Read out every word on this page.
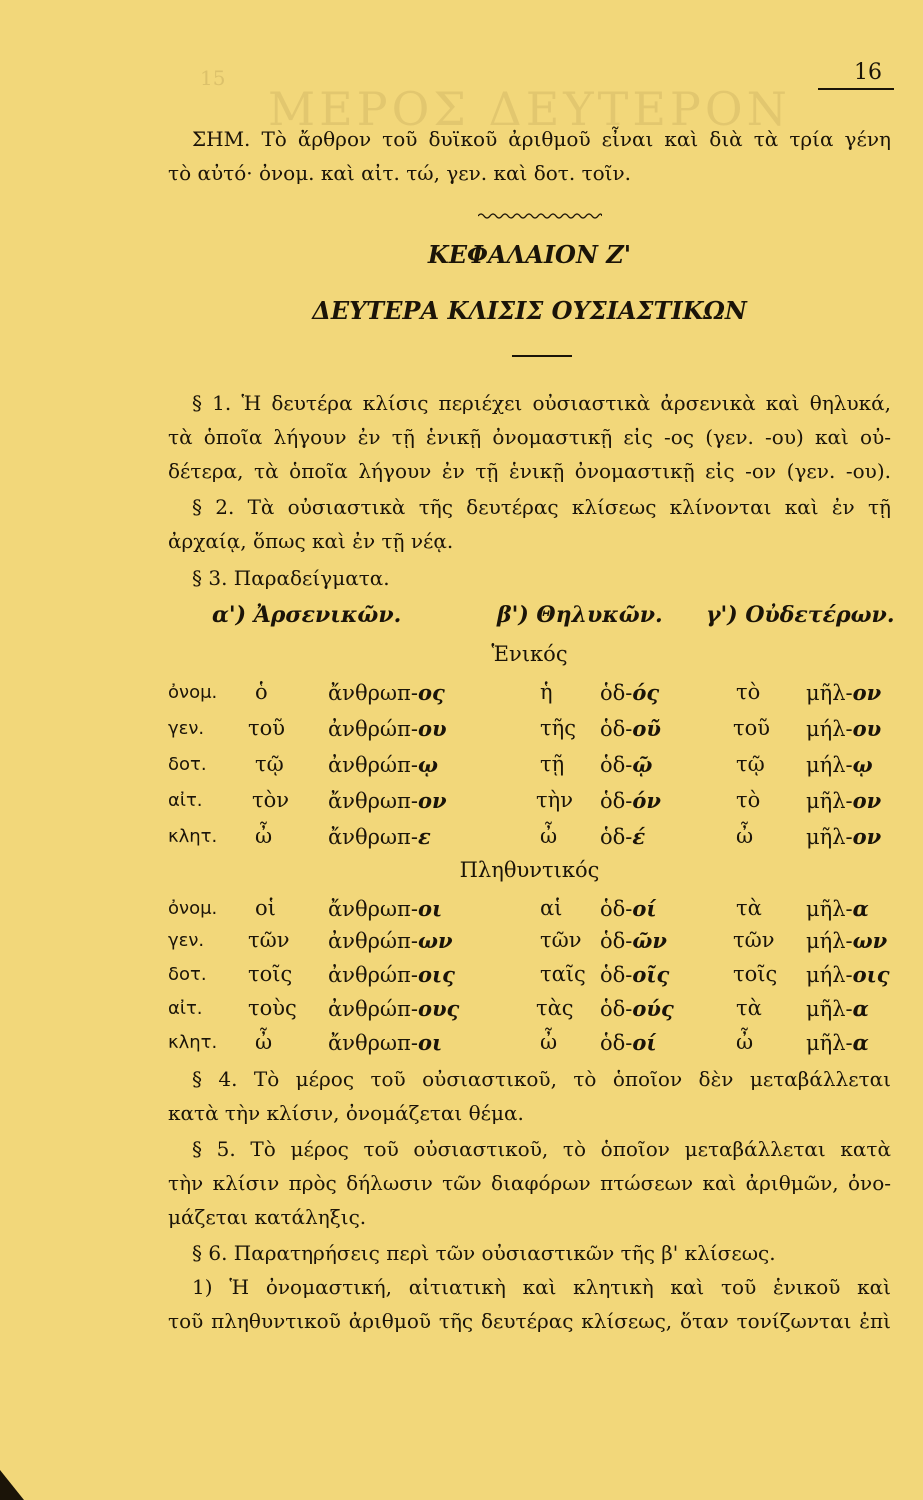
15
ΜΕΡΟΣ ΔΕΥΤΕΡΟΝ
16
ΣΗΜ. Τὸ ἄρθρον τοῦ δυϊκοῦ ἀριθμοῦ εἶναι καὶ διὰ τὰ τρία γένη
τὸ αὐτό· ὀνομ. καὶ αἰτ. τώ, γεν. καὶ δοτ. τοῖν.
ΚΕΦΑΛΑΙΟΝ Ζ'
ΔΕΥΤΕΡΑ ΚΛΙΣΙΣ ΟΥΣΙΑΣΤΙΚΩΝ
§ 1. Ἡ δευτέρα κλίσις περιέχει οὐσιαστικὰ ἀρσενικὰ καὶ θηλυκά,
τὰ ὁποῖα λήγουν ἐν τῇ ἑνικῇ ὀνομαστικῇ εἰς -ος (γεν. -ου) καὶ οὐ-
δέτερα, τὰ ὁποῖα λήγουν ἐν τῇ ἑνικῇ ὀνομαστικῇ εἰς -ον (γεν. -ου).
§ 2. Τὰ οὐσιαστικὰ τῆς δευτέρας κλίσεως κλίνονται καὶ ἐν τῇ
ἀρχαίᾳ, ὅπως καὶ ἐν τῇ νέᾳ.
§ 3. Παραδείγματα.
α') Ἀρσενικῶν.	β') Θηλυκῶν. γ') Οὐδετέρων.
Ἑνικός
ὀνομ. ὁ	ἄνθρωπ-ος	ἡ ὁδ-ός	τὸ μῆλ-ον
γεν. τοῦ ἀνθρώπ-ου	τῆς ὁδ-οῦ	τοῦ μήλ-ου
δοτ. τῷ ἀνθρώπ-ῳ	τῇ ὁδ-ῷ	τῷ μήλ-ῳ
αἰτ. τὸν ἄνθρωπ-ον	τὴν ὁδ-όν	τὸ μῆλ-ον
κλητ. ὦ	ἄνθρωπ-ε	ὦ ὁδ-έ	ὦ	μῆλ-ον
Πληθυντικός
ὀνομ. οἱ ἄνθρωπ-οι	αἱ ὁδ-οί	τὰ μῆλ-α
γεν. τῶν ἀνθρώπ-ων	τῶν ὁδ-ῶν	τῶν μήλ-ων
δοτ. τοῖς ἀνθρώπ-οις	ταῖς ὁδ-οῖς	τοῖς μήλ-οις
αἰτ. τοὺς ἀνθρώπ-ους	τὰς ὁδ-ούς	τὰ μῆλ-α
κλητ. ὦ	ἄνθρωπ-οι	ὦ ὁδ-οί	ὦ	μῆλ-α
§ 4. Τὸ μέρος τοῦ οὐσιαστικοῦ, τὸ ὁποῖον δὲν μεταβάλλεται
κατὰ τὴν κλίσιν, ὀνομάζεται θέμα.
§ 5. Τὸ μέρος τοῦ οὐσιαστικοῦ, τὸ ὁποῖον μεταβάλλεται κατὰ
τὴν κλίσιν πρὸς δήλωσιν τῶν διαφόρων πτώσεων καὶ ἀριθμῶν, ὀνο-
μάζεται κατάληξις.
§ 6. Παρατηρήσεις περὶ τῶν οὐσιαστικῶν τῆς β' κλίσεως.
1) Ἡ ὀνομαστική, αἰτιατικὴ καὶ κλητικὴ καὶ τοῦ ἑνικοῦ καὶ
τοῦ πληθυντικοῦ ἀριθμοῦ τῆς δευτέρας κλίσεως, ὅταν τονίζωνται ἐπὶ
